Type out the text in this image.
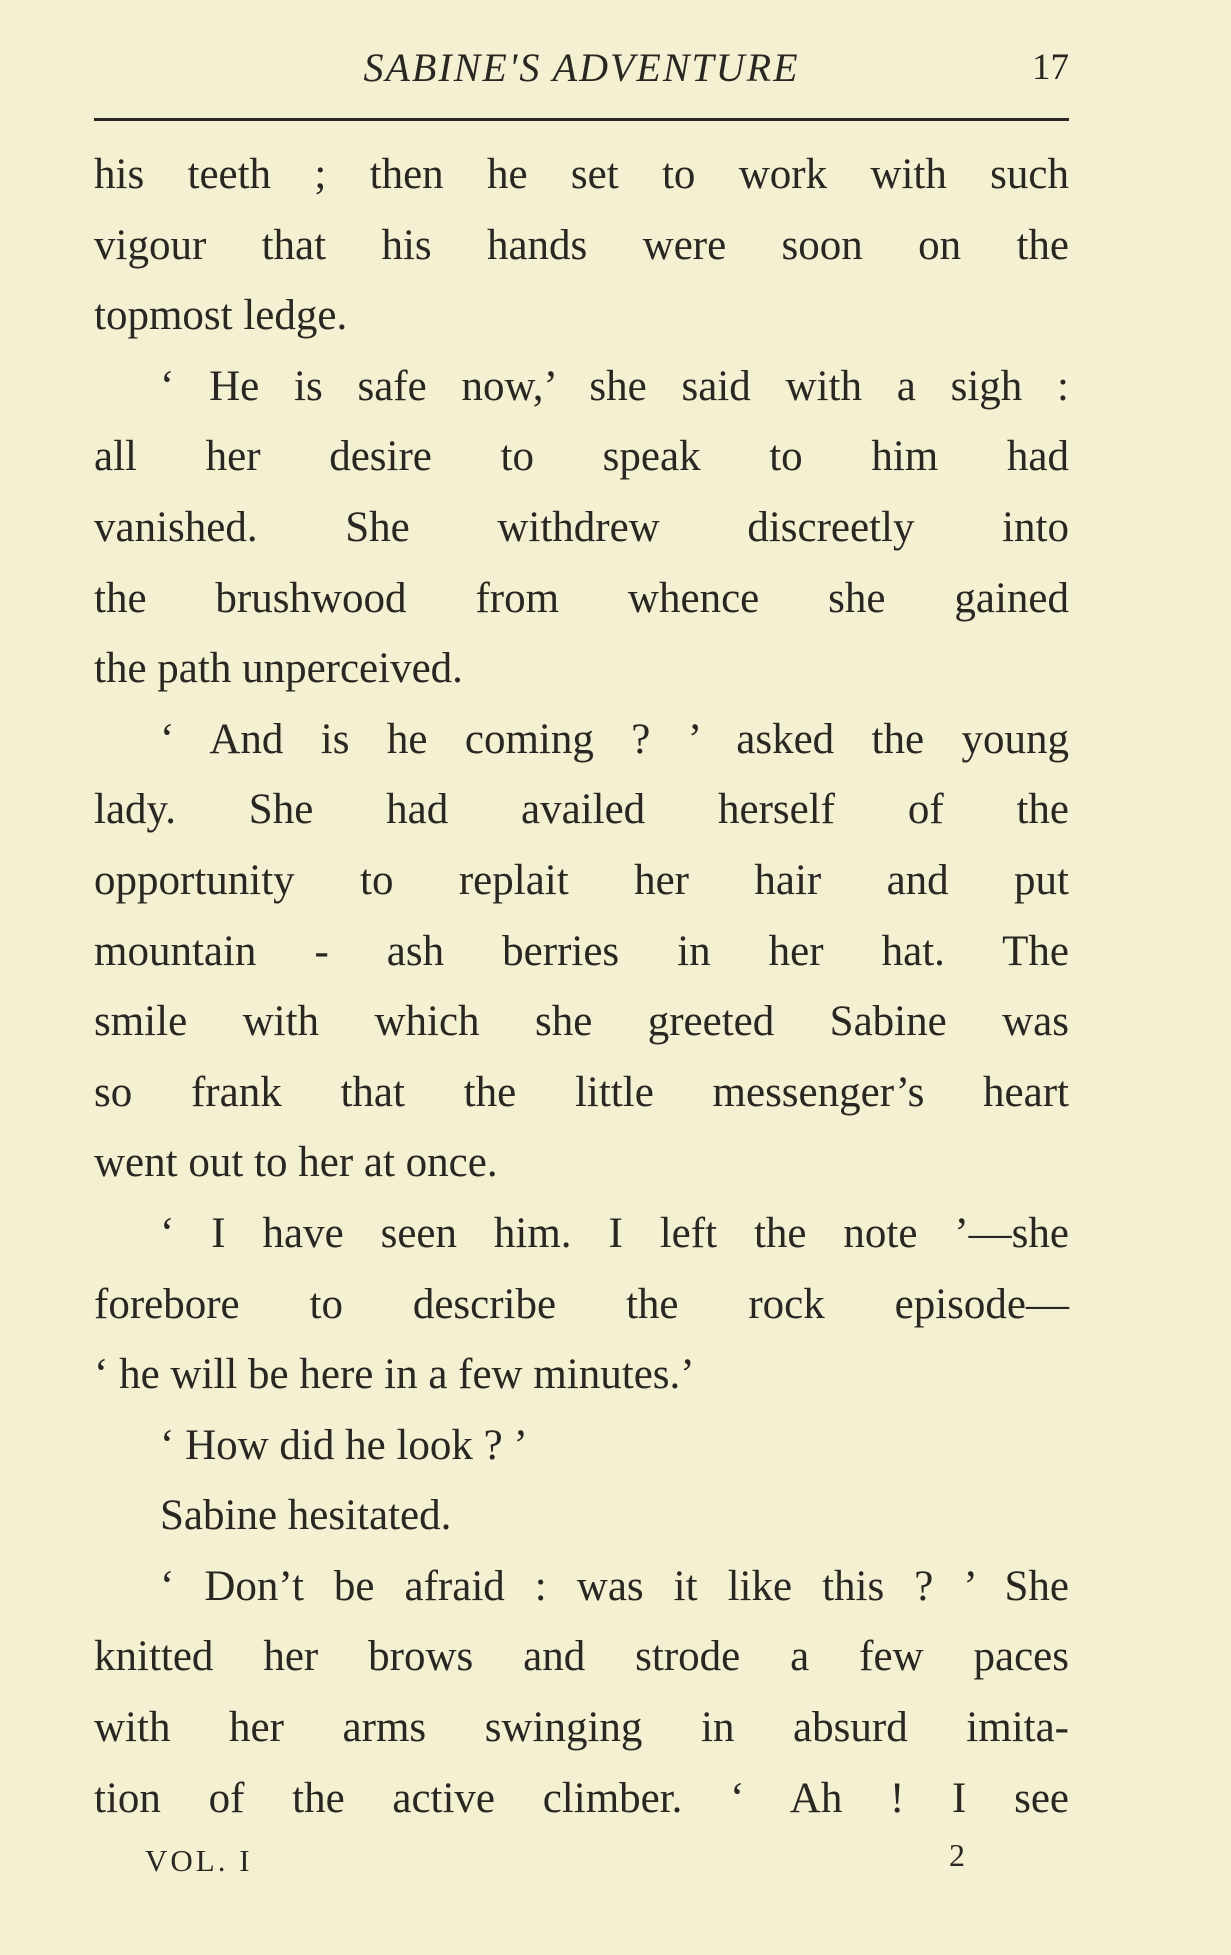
SABINE'S ADVENTURE	17
his teeth ; then he set to work with such
vigour that his hands were soon on the
topmost ledge.
‘ He is safe now,’ she said with a sigh :
all her desire to speak to him had
vanished. She withdrew discreetly into
the brushwood from whence she gained
the path unperceived.
‘ And is he coming ? ’ asked the young
lady. She had availed herself of the
opportunity to replait her hair and put
mountain - ash berries in her hat. The
smile with which she greeted Sabine was
so frank that the little messenger’s heart
went out to her at once.
‘ I have seen him. I left the note ’—she
forebore to describe the rock episode—
‘ he will be here in a few minutes.’
‘ How did he look ? ’
Sabine hesitated.
‘ Don’t be afraid : was it like this ? ’ She
knitted her brows and strode a few paces
with her arms swinging in absurd imita-
tion of the active climber. ‘ Ah ! I see
VOL. I	2
